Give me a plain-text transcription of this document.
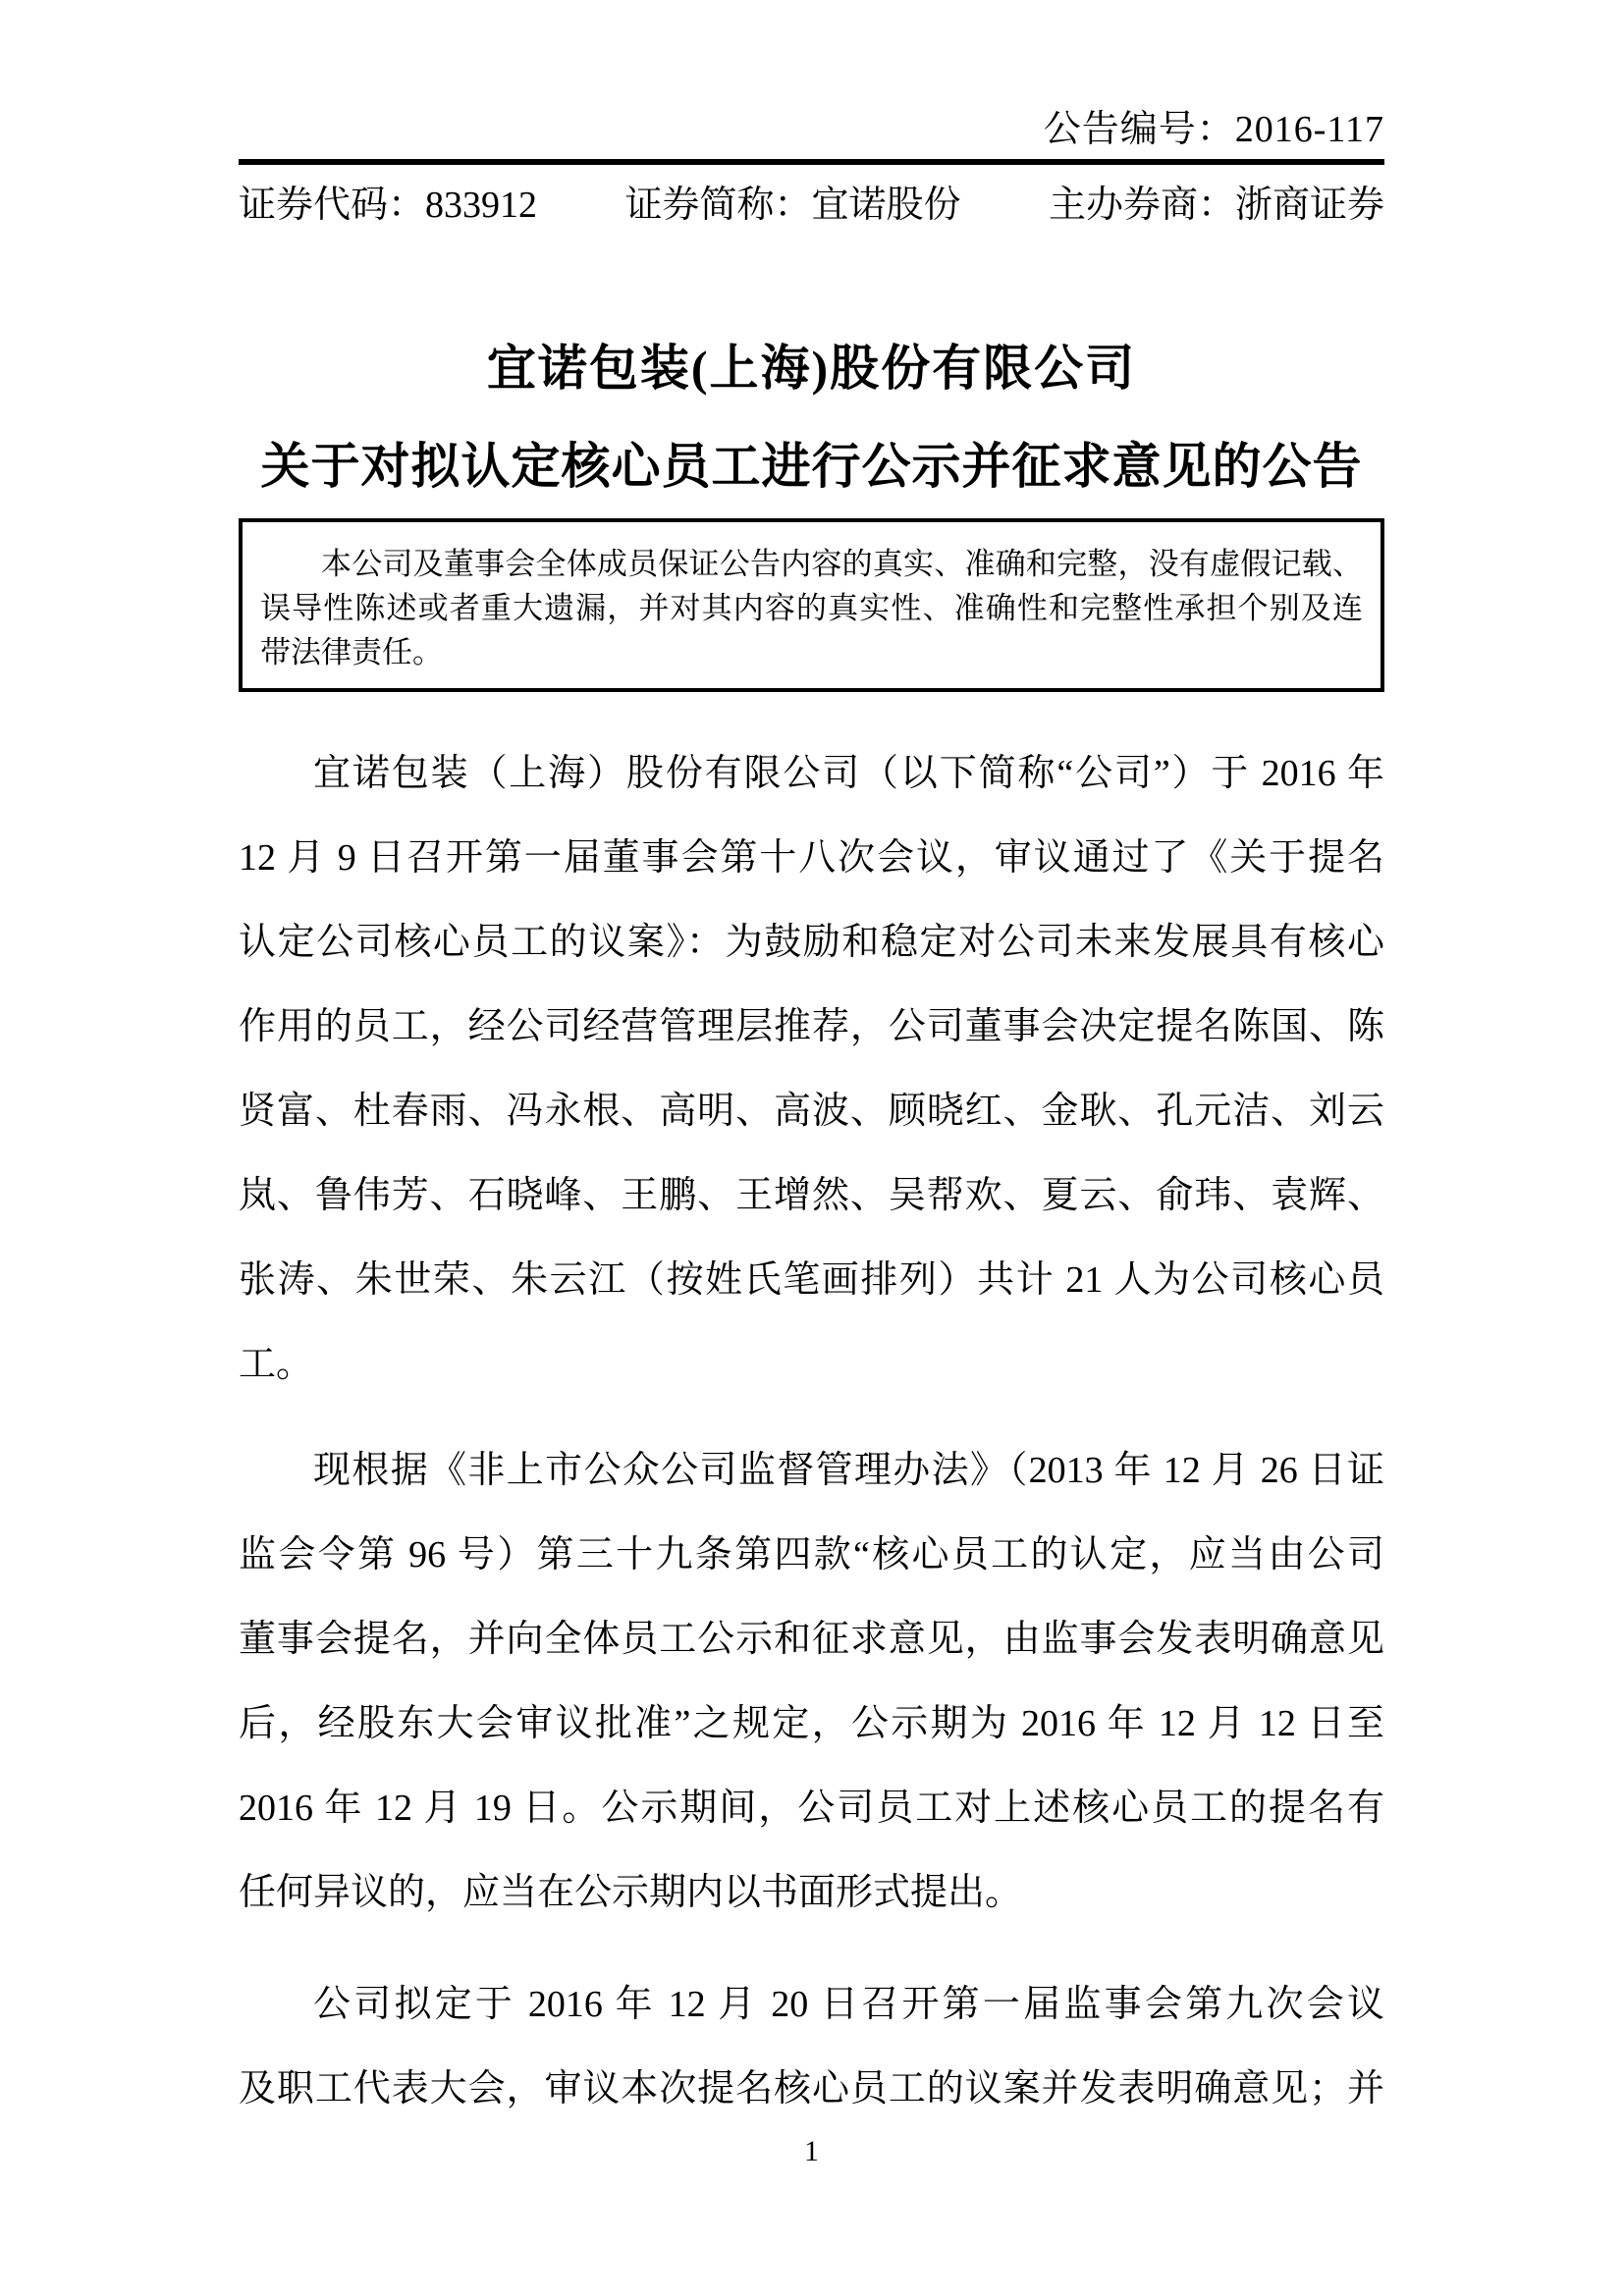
公告编号：2016-117
证券代码：833912 证券简称：宜诺股份 主办券商：浙商证券
宜诺包装(上海)股份有限公司
关于对拟认定核心员工进行公示并征求意见的公告
本公司及董事会全体成员保证公告内容的真实、准确和完整，没有虚假记载、
误导性陈述或者重大遗漏，并对其内容的真实性、准确性和完整性承担个别及连
带法律责任。
宜诺包装（上海）股份有限公司（以下简称“公司”）于 2016 年
12 月 9 日召开第一届董事会第十八次会议，审议通过了《关于提名
认定公司核心员工的议案》：为鼓励和稳定对公司未来发展具有核心
作用的员工，经公司经营管理层推荐，公司董事会决定提名陈国、陈
贤富、杜春雨、冯永根、高明、高波、顾晓红、金耿、孔元洁、刘云
岚、鲁伟芳、石晓峰、王鹏、王增然、吴帮欢、夏云、俞玮、袁辉、
张涛、朱世荣、朱云江（按姓氏笔画排列）共计 21 人为公司核心员
工。
现根据《非上市公众公司监督管理办法》（2013 年 12 月 26 日证
监会令第 96 号）第三十九条第四款“核心员工的认定，应当由公司
董事会提名，并向全体员工公示和征求意见，由监事会发表明确意见
后，经股东大会审议批准”之规定，公示期为 2016 年 12 月 12 日至
2016 年 12 月 19 日。公示期间，公司员工对上述核心员工的提名有
任何异议的，应当在公示期内以书面形式提出。
公司拟定于 2016 年 12 月 20 日召开第一届监事会第九次会议
及职工代表大会，审议本次提名核心员工的议案并发表明确意见；并
1
